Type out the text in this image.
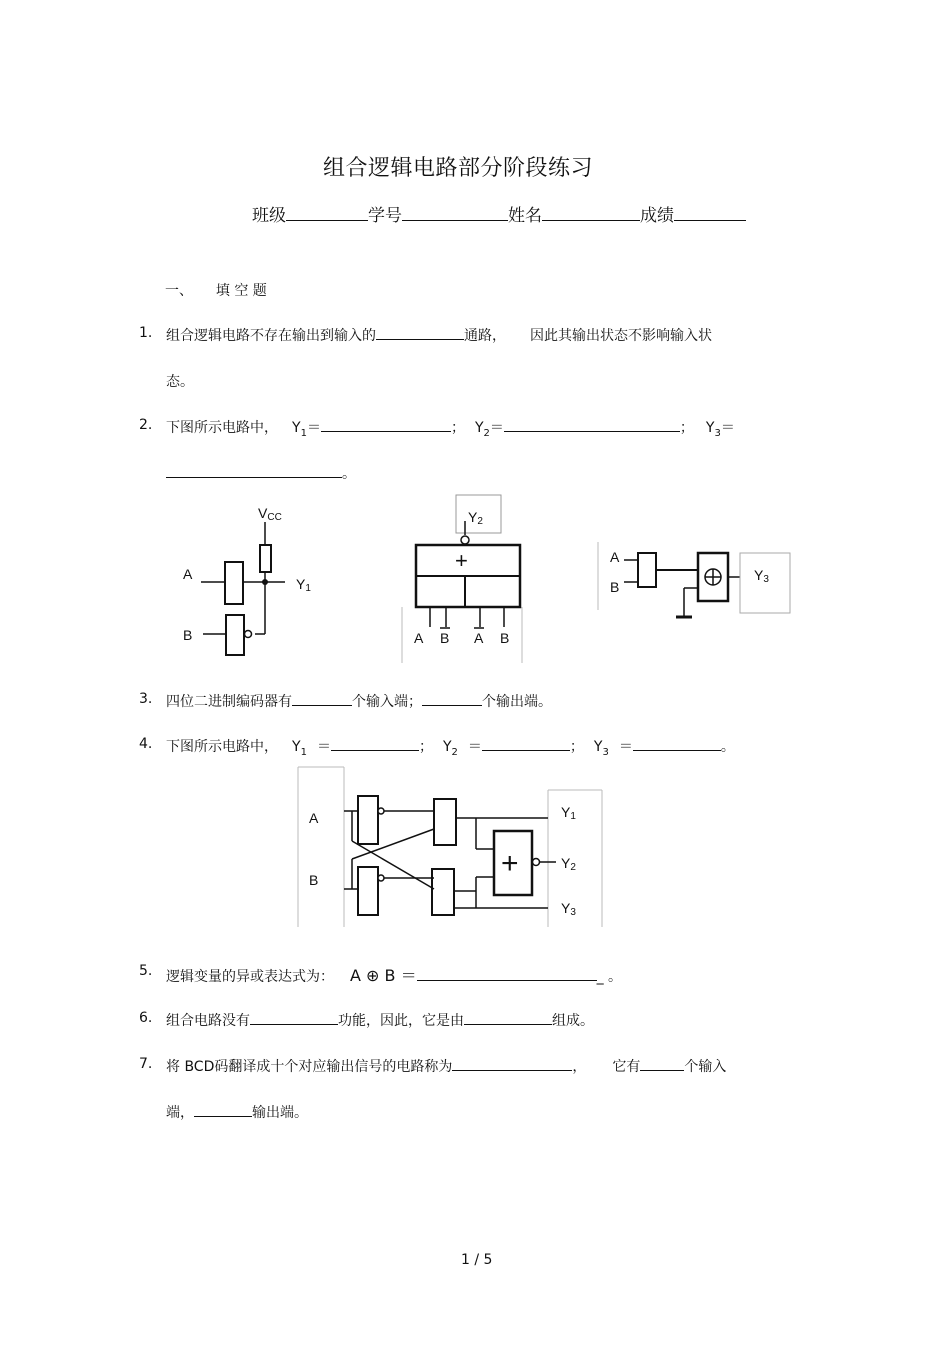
组合逻辑电路部分阶段练习
班级	学号	姓名	成绩
一、 填 空 题
1. 组合逻辑电路不存在输出到输入的	通路， 因此其输出状态不影响输入状
态。
2. 下图所示电路中， $Y_1=$	； $Y_2=$	； $Y_3=$
。
VCC
A
Y1
B
Y2
+
A B A B
A
B
Y3
3. 四位二进制编码器有	个输入端；	个输出端。
4. 下图所示电路中， $Y_1$ ＝	； $Y_2$ ＝	； $Y_3$ ＝	。
A
B	+
Y1
Y2
Y3
5. 逻辑变量的异或表达式为： A ⊕ B ＝	_ 。
6. 组合电路没有	功能，因此，它是由	组成。
7. 将 BCD码翻译成十个对应输出信号的电路称为	， 它有	个输入
端，	输出端。
1 / 5
